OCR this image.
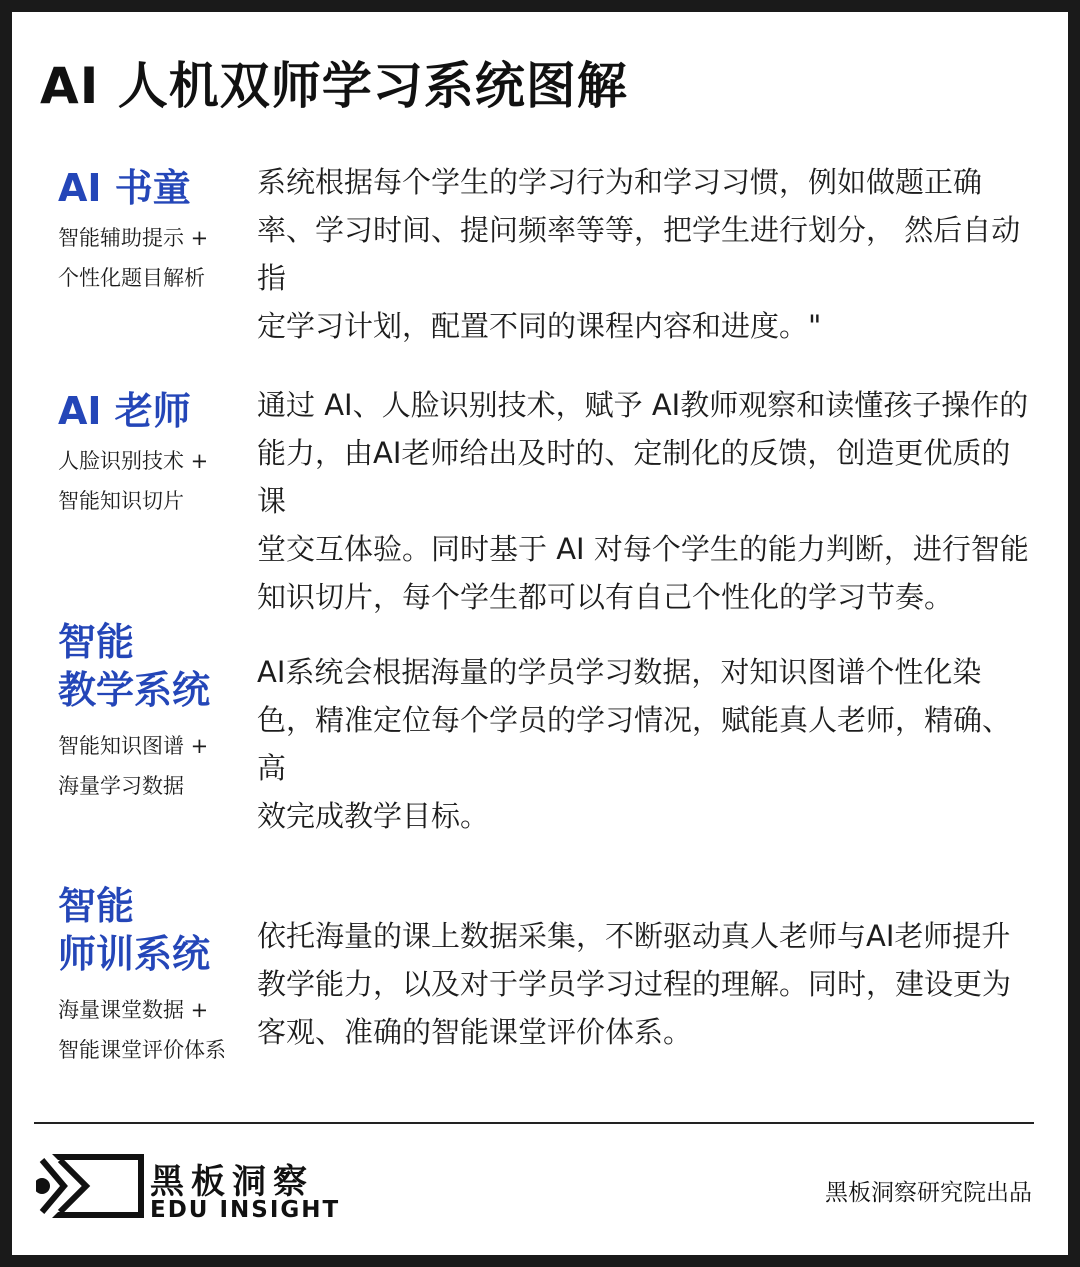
AI 人机双师学习系统图解
AI 书童
智能辅助提示 +
个性化题目解析
系统根据每个学生的学习行为和学习习惯，例如做题正确
率、学习时间、提问频率等等，把学生进行划分， 然后自动指
定学习计划，配置不同的课程内容和进度。"
AI 老师
人脸识别技术 +
智能知识切片
通过 AI、人脸识别技术，赋予 AI教师观察和读懂孩子操作的
能力，由AI老师给出及时的、定制化的反馈，创造更优质的课
堂交互体验。同时基于 AI 对每个学生的能力判断，进行智能
知识切片，每个学生都可以有自己个性化的学习节奏。
智能
教学系统
智能知识图谱 +
海量学习数据
AI系统会根据海量的学员学习数据，对知识图谱个性化染
色，精准定位每个学员的学习情况，赋能真人老师，精确、高
效完成教学目标。
智能
师训系统
海量课堂数据 +
智能课堂评价体系
依托海量的课上数据采集，不断驱动真人老师与AI老师提升
教学能力，以及对于学员学习过程的理解。同时，建设更为
客观、准确的智能课堂评价体系。
黑板洞察
EDU INSIGHT
黑板洞察研究院出品
